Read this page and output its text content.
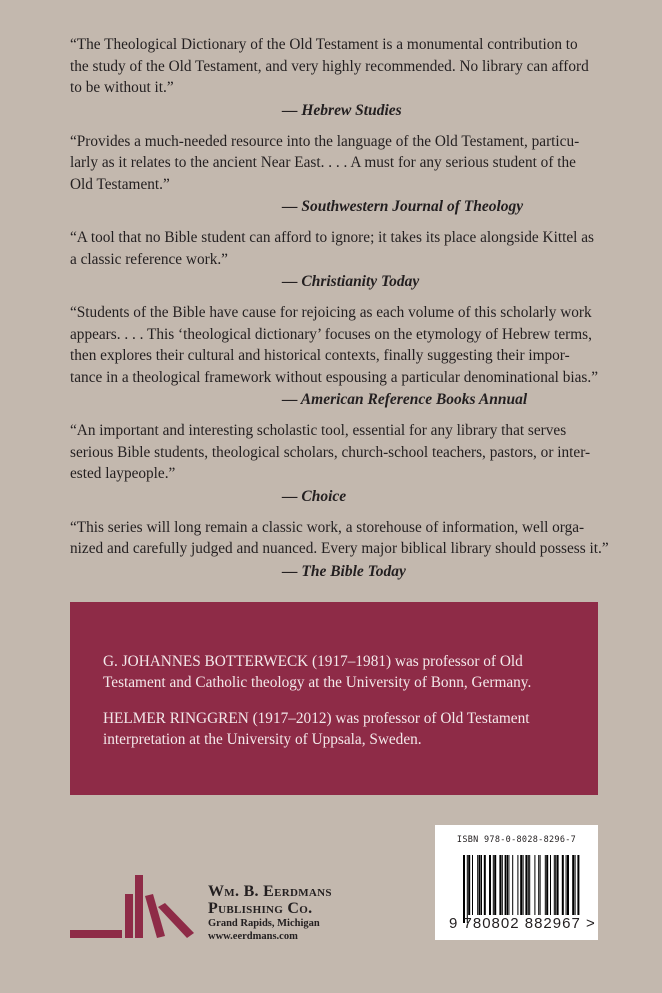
“The Theological Dictionary of the Old Testament is a monumental contribution to
the study of the Old Testament, and very highly recommended. No library can afford
to be without it.”
— Hebrew Studies
“Provides a much-needed resource into the language of the Old Testament, particu-
larly as it relates to the ancient Near East. . . . A must for any serious student of the
Old Testament.”
— Southwestern Journal of Theology
“A tool that no Bible student can afford to ignore; it takes its place alongside Kittel as
a classic reference work.”
— Christianity Today
“Students of the Bible have cause for rejoicing as each volume of this scholarly work
appears. . . . This ‘theological dictionary’ focuses on the etymology of Hebrew terms,
then explores their cultural and historical contexts, finally suggesting their impor-
tance in a theological framework without espousing a particular denominational bias.”
— American Reference Books Annual
“An important and interesting scholastic tool, essential for any library that serves
serious Bible students, theological scholars, church-school teachers, pastors, or inter-
ested laypeople.”
— Choice
“This series will long remain a classic work, a storehouse of information, well orga-
nized and carefully judged and nuanced. Every major biblical library should possess it.”
— The Bible Today

G. JOHANNES BOTTERWECK (1917–1981) was professor of Old
Testament and Catholic theology at the University of Bonn, Germany.

HELMER RINGGREN (1917–2012) was professor of Old Testament
interpretation at the University of Uppsala, Sweden.

Wm. B. Eerdmans
Publishing Co.
Grand Rapids, Michigan
www.eerdmans.com
ISBN 978-0-8028-8296-7
9 780802 882967 >
